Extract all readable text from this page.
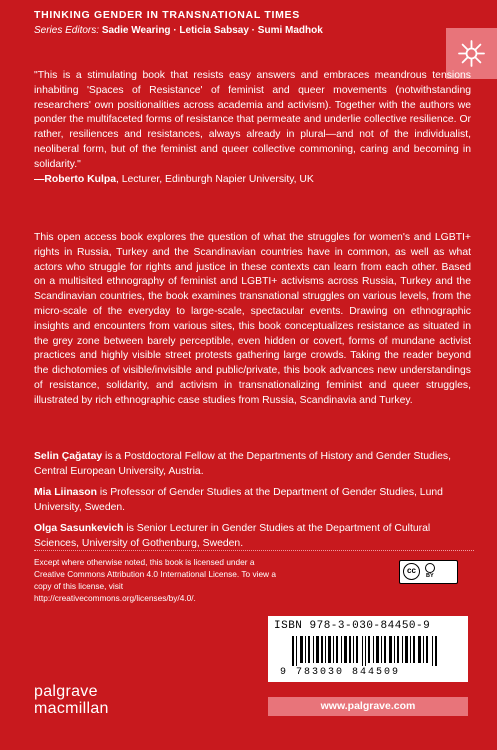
THINKING GENDER IN TRANSNATIONAL TIMES
Series Editors: Sadie Wearing · Leticia Sabsay · Sumi Madhok
"This is a stimulating book that resists easy answers and embraces meandrous tensions inhabiting 'Spaces of Resistance' of feminist and queer movements (notwithstanding researchers' own positionalities across academia and activism). Together with the authors we ponder the multifaceted forms of resistance that permeate and underlie collective resilience. Or rather, resiliences and resistances, always already in plural—and not of the individualist, neoliberal form, but of the feminist and queer collective commoning, caring and becoming in solidarity."
—Roberto Kulpa, Lecturer, Edinburgh Napier University, UK
This open access book explores the question of what the struggles for women's and LGBTI+ rights in Russia, Turkey and the Scandinavian countries have in common, as well as what actors who struggle for rights and justice in these contexts can learn from each other. Based on a multisited ethnography of feminist and LGBTI+ activisms across Russia, Turkey and the Scandinavian countries, the book examines transnational struggles on various levels, from the micro-scale of the everyday to large-scale, spectacular events. Drawing on ethnographic insights and encounters from various sites, this book conceptualizes resistance as situated in the grey zone between barely perceptible, even hidden or covert, forms of mundane activist practices and highly visible street protests gathering large crowds. Taking the reader beyond the dichotomies of visible/invisible and public/private, this book advances new understandings of resistance, solidarity, and activism in transnationalizing feminist and queer struggles, illustrated by rich ethnographic case studies from Russia, Scandinavia and Turkey.
Selin Çağatay is a Postdoctoral Fellow at the Departments of History and Gender Studies, Central European University, Austria.
Mia Liinason is Professor of Gender Studies at the Department of Gender Studies, Lund University, Sweden.
Olga Sasunkevich is Senior Lecturer in Gender Studies at the Department of Cultural Sciences, University of Gothenburg, Sweden.
Except where otherwise noted, this book is licensed under a Creative Commons Attribution 4.0 International License. To view a copy of this license, visit http://creativecommons.org/licenses/by/4.0/.
cc
BY
ISBN 978-3-030-84450-9
9 783030 844509
palgrave
macmillan	www.palgrave.com
